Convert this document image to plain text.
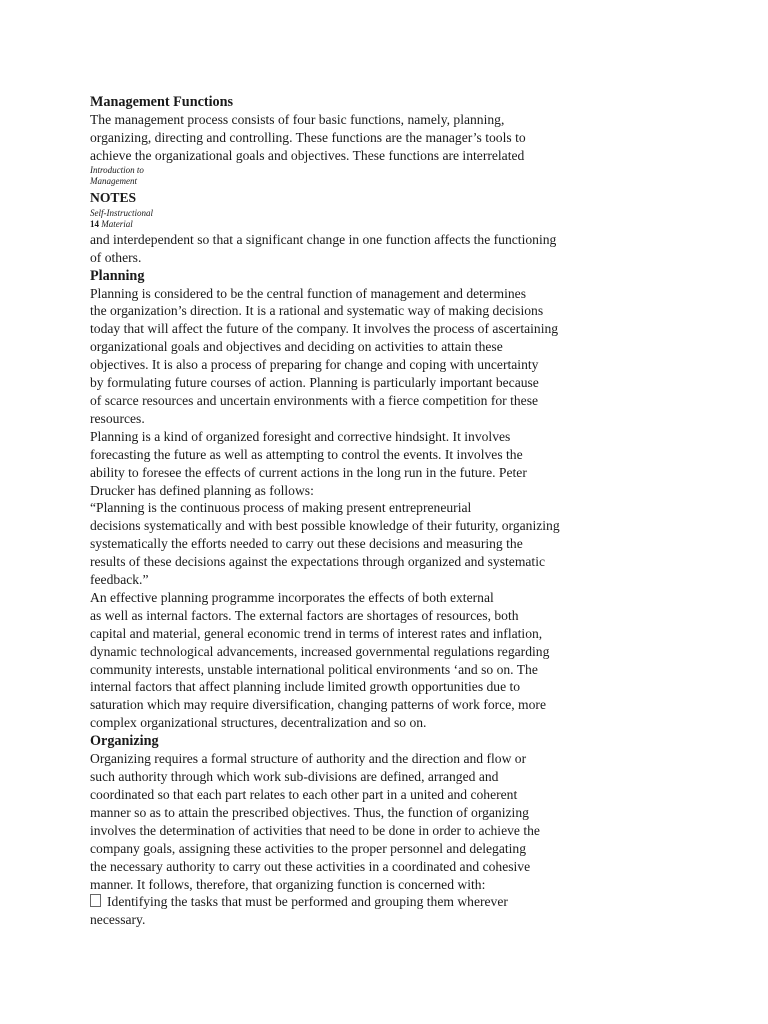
Management Functions

The management process consists of four basic functions, namely, planning,

organizing, directing and controlling. These functions are the manager’s tools to

achieve the organizational goals and objectives. These functions are interrelated

Introduction to

Management

NOTES

Self-Instructional

14 Material

and interdependent so that a significant change in one function affects the functioning

of others.

Planning

Planning is considered to be the central function of management and determines

the organization’s direction. It is a rational and systematic way of making decisions

today that will affect the future of the company. It involves the process of ascertaining

organizational goals and objectives and deciding on activities to attain these

objectives. It is also a process of preparing for change and coping with uncertainty

by formulating future courses of action. Planning is particularly important because

of scarce resources and uncertain environments with a fierce competition for these

resources.

Planning is a kind of organized foresight and corrective hindsight. It involves

forecasting the future as well as attempting to control the events. It involves the

ability to foresee the effects of current actions in the long run in the future. Peter

Drucker has defined planning as follows:

“Planning is the continuous process of making present entrepreneurial

decisions systematically and with best possible knowledge of their futurity, organizing

systematically the efforts needed to carry out these decisions and measuring the

results of these decisions against the expectations through organized and systematic

feedback.”

An effective planning programme incorporates the effects of both external

as well as internal factors. The external factors are shortages of resources, both

capital and material, general economic trend in terms of interest rates and inflation,

dynamic technological advancements, increased governmental regulations regarding

community interests, unstable international political environments ‘and so on. The

internal factors that affect planning include limited growth opportunities due to

saturation which may require diversification, changing patterns of work force, more

complex organizational structures, decentralization and so on.

Organizing

Organizing requires a formal structure of authority and the direction and flow or

such authority through which work sub-divisions are defined, arranged and

coordinated so that each part relates to each other part in a united and coherent

manner so as to attain the prescribed objectives. Thus, the function of organizing

involves the determination of activities that need to be done in order to achieve the

company goals, assigning these activities to the proper personnel and delegating

the necessary authority to carry out these activities in a coordinated and cohesive

manner. It follows, therefore, that organizing function is concerned with:

Identifying the tasks that must be performed and grouping them wherever

necessary.
